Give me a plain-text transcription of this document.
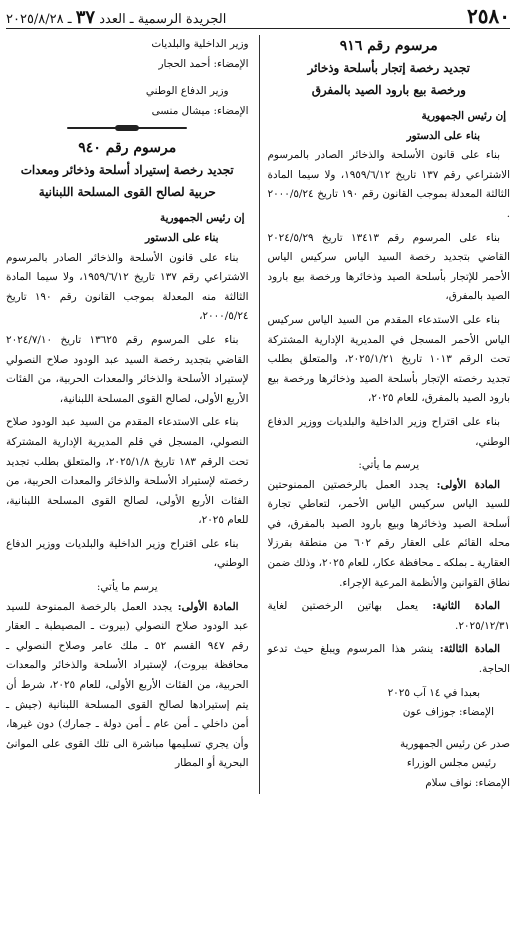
٢٥٨٠
الجريدة الرسمية ـ العدد ٣٧ ـ ٢٠٢٥/٨/٢٨
مرسوم رقم ٩١٦
تجديد رخصة إتجار بأسلحة وذخائر
ورخصة بيع بارود الصيد بالمفرق
إن رئيس الجمهورية
بناء على الدستور

بناء على قانون الأسلحة والذخائر الصادر بالمرسوم الاشتراعي رقم ١٣٧ تاريخ ١٩٥٩/٦/١٢، ولا سيما المادة الثالثة المعدلة بموجب القانون رقم ١٩٠ تاريخ ٢٠٠٠/٥/٢٤ .

بناء على المرسوم رقم ١٣٤١٣ تاريخ ٢٠٢٤/٥/٢٩ القاضي بتجديد رخصة السيد الياس سركيس الياس الأحمر للإتجار بأسلحة الصيد وذخائرها ورخصة بيع بارود الصيد بالمفرق،

بناء على الاستدعاء المقدم من السيد الياس سركيس الياس الأحمر المسجل في المديرية الإدارية المشتركة تحت الرقم ١٠١٣ تاريخ ٢٠٢٥/١/٢١، والمتعلق بطلب تجديد رخصته الإتجار بأسلحة الصيد وذخائرها ورخصة بيع بارود الصيد بالمفرق، للعام ٢٠٢٥،

بناء على اقتراح وزير الداخلية والبلديات ووزير الدفاع الوطني،

يرسم ما يأتي:

المادة الأولى: يجدد العمل بالرخصتين الممنوحتين للسيد الياس سركيس الياس الأحمر، لتعاطي تجارة أسلحة الصيد وذخائرها وبيع بارود الصيد بالمفرق، في محله القائم على العقار رقم ٦٠٢ من منطقة بقرزلا العقارية ـ بملكه ـ محافظة عكار، للعام ٢٠٢٥، وذلك ضمن نطاق القوانين والأنظمة المرعية الإجراء.

المادة الثانية: يعمل بهاتين الرخصتين لغاية ٢٠٢٥/١٢/٣١.

المادة الثالثة: ينشر هذا المرسوم ويبلغ حيث تدعو الحاجة.

بعبدا في ١٤ آب ٢٠٢٥
الإمضاء: جوزاف عون
صدر عن رئيس الجمهورية
رئيس مجلس الوزراء
الإمضاء: نواف سلام
وزير الداخلية والبلديات
الإمضاء: أحمد الحجار
وزير الدفاع الوطني
الإمضاء: ميشال منسى
مرسوم رقم ٩٤٠
تجديد رخصة إستيراد أسلحة وذخائر ومعدات
حربية لصالح القوى المسلحة اللبنانية
إن رئيس الجمهورية
بناء على الدستور

بناء على قانون الأسلحة والذخائر الصادر بالمرسوم الاشتراعي رقم ١٣٧ تاريخ ١٩٥٩/٦/١٢، ولا سيما المادة الثالثة منه المعدلة بموجب القانون رقم ١٩٠ تاريخ ٢٠٠٠/٥/٢٤،

بناء على المرسوم رقم ١٣٦٢٥ تاريخ ٢٠٢٤/٧/١٠ القاضي بتجديد رخصة السيد عبد الودود صلاح النصولي لإستيراد الأسلحة والذخائر والمعدات الحربية، من الفئات الأربع الأولى، لصالح القوى المسلحة اللبنانية،

بناء على الاستدعاء المقدم من السيد عبد الودود صلاح النصولي، المسجل في قلم المديرية الإدارية المشتركة تحت الرقم ١٨٣ تاريخ ٢٠٢٥/١/٨، والمتعلق بطلب تجديد رخصته لإستيراد الأسلحة والذخائر والمعدات الحربية، من الفئات الأربع الأولى، لصالح القوى المسلحة اللبنانية، للعام ٢٠٢٥،

بناء على اقتراح وزير الداخلية والبلديات ووزير الدفاع الوطني،

يرسم ما يأتي:

المادة الأولى: يجدد العمل بالرخصة الممنوحة للسيد عبد الودود صلاح النصولي (بيروت ـ المصيطبة ـ العقار رقم ٩٤٧ القسم ٥٢ ـ ملك عامر وصلاح النصولي ـ محافظة بيروت)، لإستيراد الأسلحة والذخائر والمعدات الحربية، من الفئات الأربع الأولى، للعام ٢٠٢٥، شرط أن يتم إستيرادها لصالح القوى المسلحة اللبنانية (جيش ـ أمن داخلي ـ أمن عام ـ أمن دولة ـ جمارك) دون غيرها، وأن يجري تسليمها مباشرة الى تلك القوى على الموانئ البحرية أو المطار
